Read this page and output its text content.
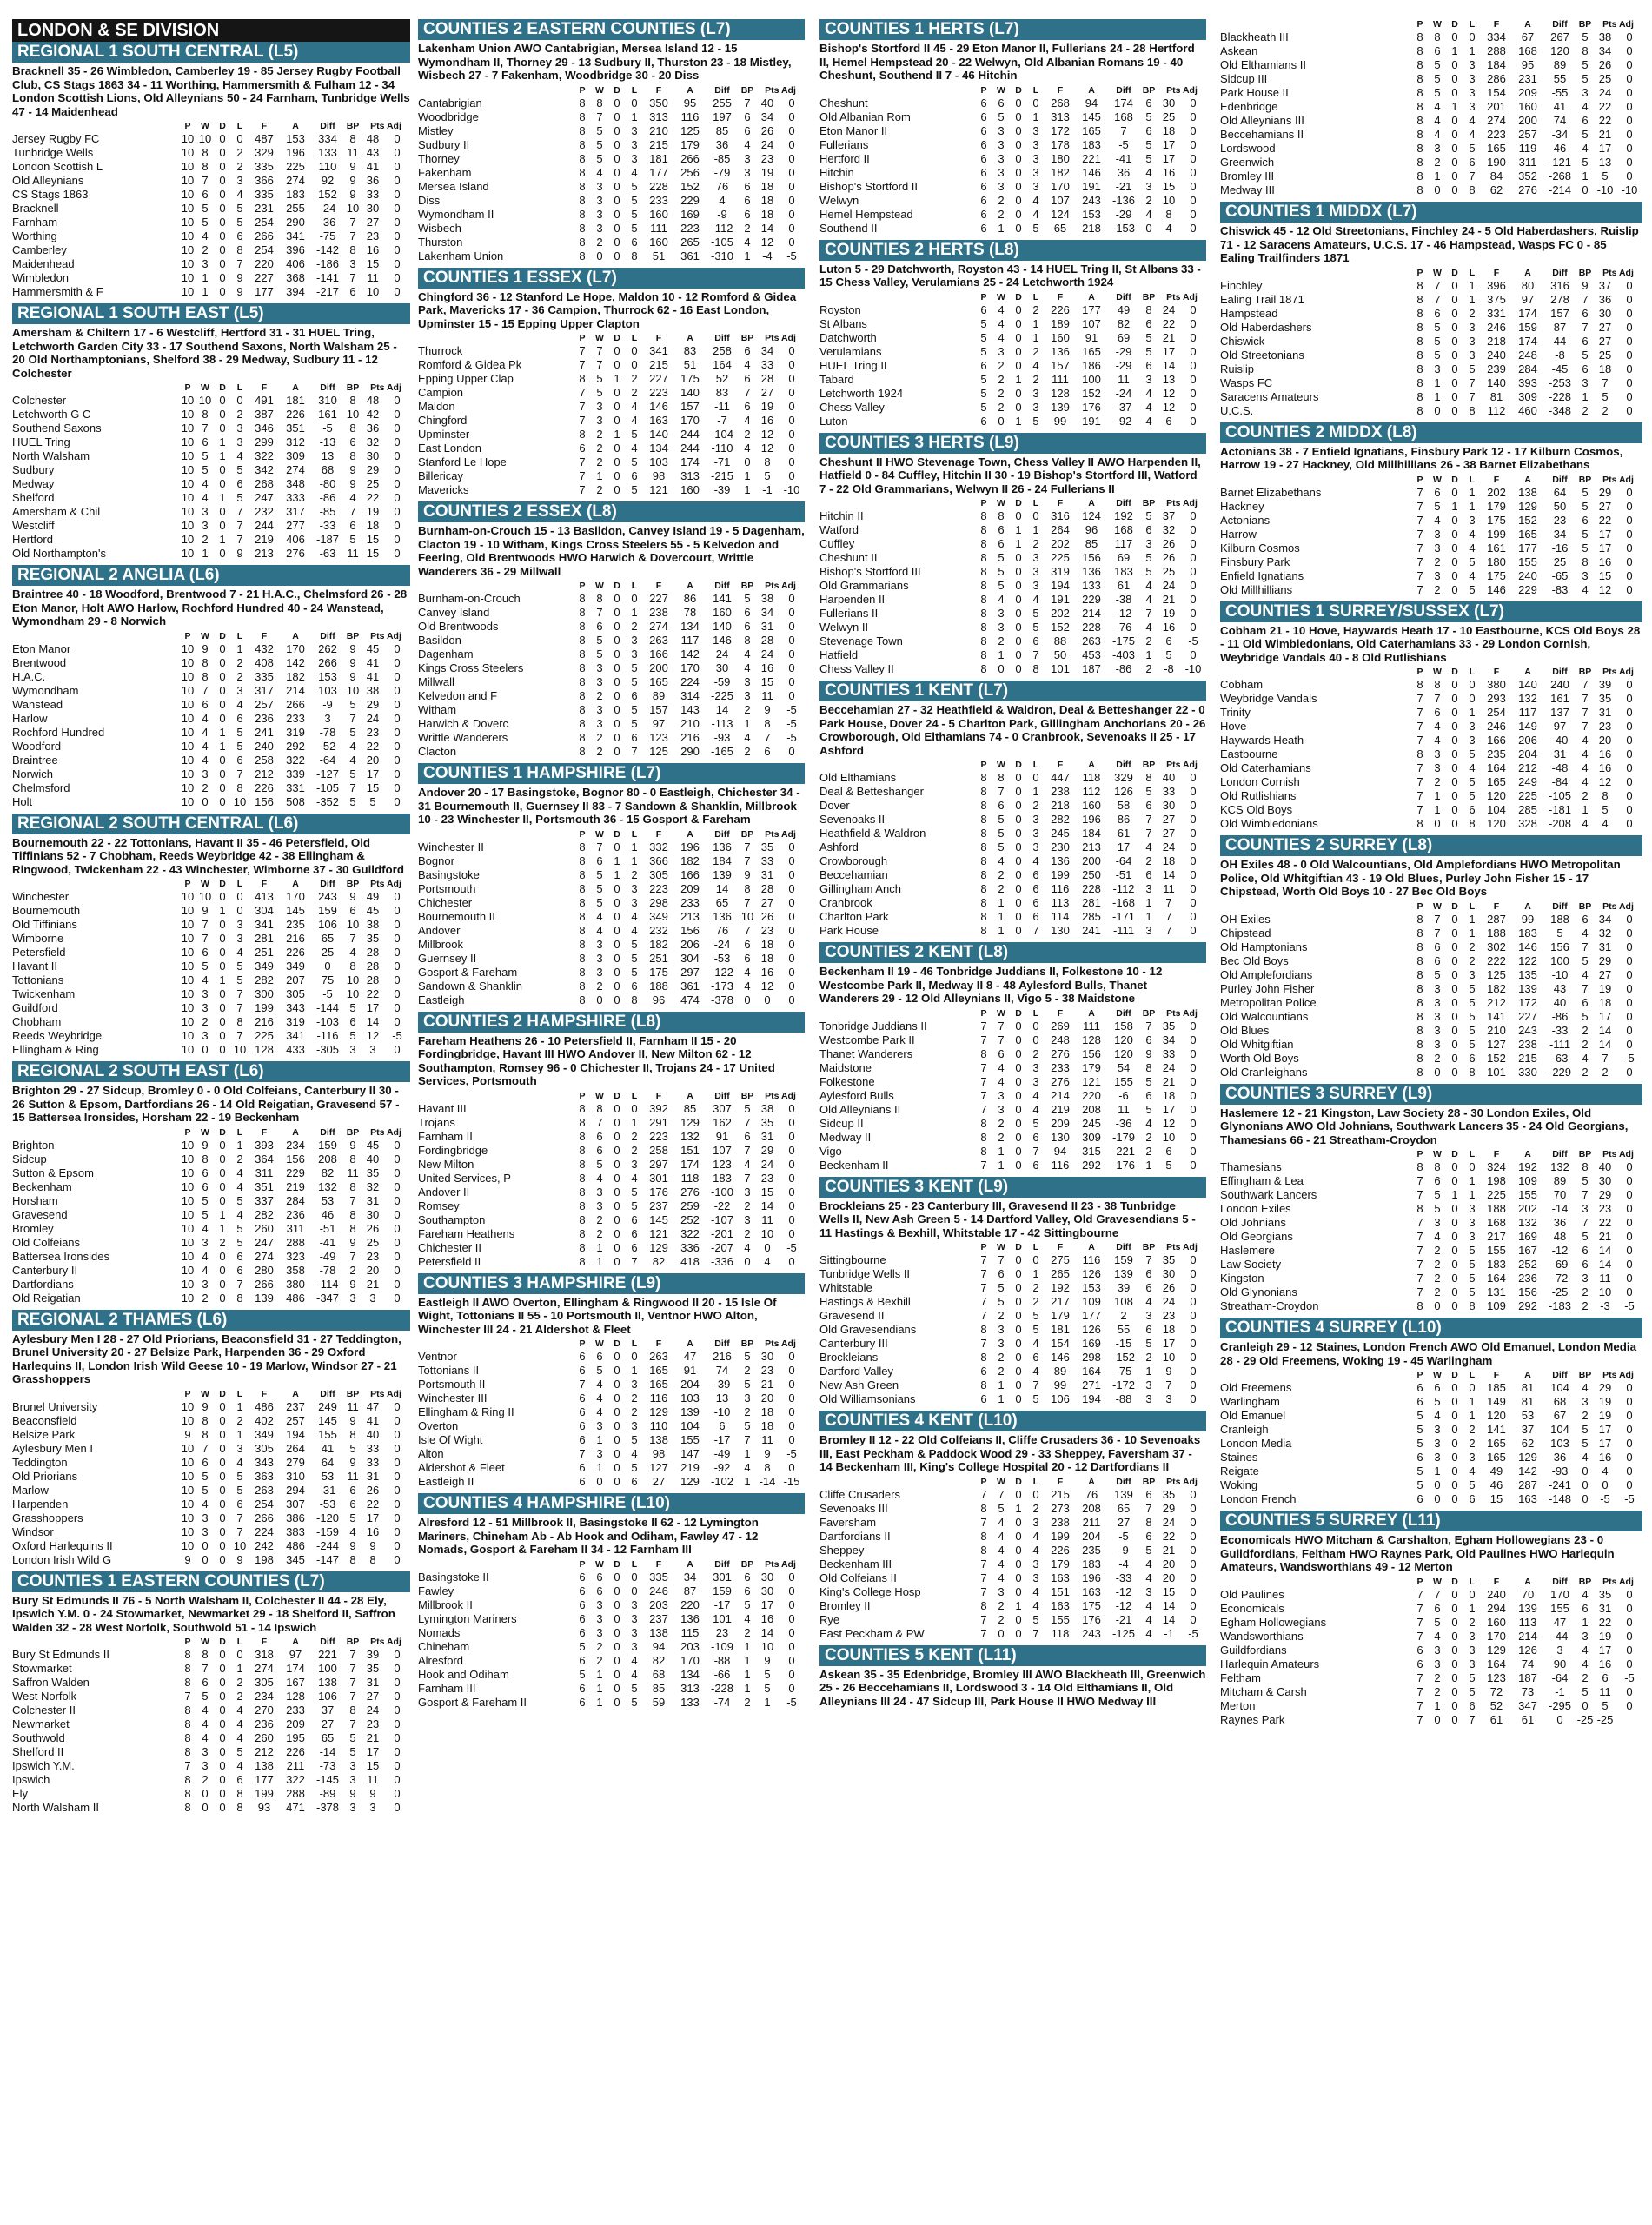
LONDON & SE DIVISION
REGIONAL 1 SOUTH CENTRAL (L5)
Bracknell 35 - 26 Wimbledon, Camberley 19 - 85 Jersey Rugby Football Club, CS Stags 1863 34 - 11 Worthing, Hammersmith & Fulham 12 - 34 London Scottish Lions, Old Alleynians 50 - 24 Farnham, Tunbridge Wells 47 - 14 Maidenhead
	P	W	D	L	F	A	Diff	BP	Pts Adj	
Jersey Rugby FC	10	10	0	0	487	153	334	8	48	0
Tunbridge Wells	10	8	0	2	329	196	133	11	43	0
London Scottish L	10	8	0	2	335	225	110	9	41	0
Old Alleynians	10	7	0	3	366	274	92	9	36	0
CS Stags 1863	10	6	0	4	335	183	152	9	33	0
Bracknell	10	5	0	5	231	255	-24	10	30	0
Farnham	10	5	0	5	254	290	-36	7	27	0
Worthing	10	4	0	6	266	341	-75	7	23	0
Camberley	10	2	0	8	254	396	-142	8	16	0
Maidenhead	10	3	0	7	220	406	-186	3	15	0
Wimbledon	10	1	0	9	227	368	-141	7	11	0
Hammersmith & F	10	1	0	9	177	394	-217	6	10	0
REGIONAL 1 SOUTH EAST (L5)
Amersham & Chiltern 17 - 6 Westcliff, Hertford 31 - 31 HUEL Tring, Letchworth Garden City 33 - 17 Southend Saxons, North Walsham 25 - 20 Old Northamptonians, Shelford 38 - 29 Medway, Sudbury 11 - 12 Colchester
	P	W	D	L	F	A	Diff	BP	Pts Adj	
Colchester	10	10	0	0	491	181	310	8	48	0
Letchworth G C	10	8	0	2	387	226	161	10	42	0
Southend Saxons	10	7	0	3	346	351	-5	8	36	0
HUEL Tring	10	6	1	3	299	312	-13	6	32	0
North Walsham	10	5	1	4	322	309	13	8	30	0
Sudbury	10	5	0	5	342	274	68	9	29	0
Medway	10	4	0	6	268	348	-80	9	25	0
Shelford	10	4	1	5	247	333	-86	4	22	0
Amersham & Chil	10	3	0	7	232	317	-85	7	19	0
Westcliff	10	3	0	7	244	277	-33	6	18	0
Hertford	10	2	1	7	219	406	-187	5	15	0
Old Northampton's	10	1	0	9	213	276	-63	11	15	0
REGIONAL 2 ANGLIA (L6)
Braintree 40 - 18 Woodford, Brentwood 7 - 21 H.A.C., Chelmsford 26 - 28 Eton Manor, Holt AWO Harlow, Rochford Hundred 40 - 24 Wanstead, Wymondham 29 - 8 Norwich
	P	W	D	L	F	A	Diff	BP	Pts Adj	
Eton Manor	10	9	0	1	432	170	262	9	45	0
Brentwood	10	8	0	2	408	142	266	9	41	0
H.A.C.	10	8	0	2	335	182	153	9	41	0
Wymondham	10	7	0	3	317	214	103	10	38	0
Wanstead	10	6	0	4	257	266	-9	5	29	0
Harlow	10	4	0	6	236	233	3	7	24	0
Rochford Hundred	10	4	1	5	241	319	-78	5	23	0
Woodford	10	4	1	5	240	292	-52	4	22	0
Braintree	10	4	0	6	258	322	-64	4	20	0
Norwich	10	3	0	7	212	339	-127	5	17	0
Chelmsford	10	2	0	8	226	331	-105	7	15	0
Holt	10	0	0	10	156	508	-352	5	5	0
REGIONAL 2 SOUTH CENTRAL (L6)
Bournemouth 22 - 22 Tottonians, Havant II 35 - 46 Petersfield, Old Tiffinians 52 - 7 Chobham, Reeds Weybridge 42 - 38 Ellingham & Ringwood, Twickenham 22 - 43 Winchester, Wimborne 37 - 30 Guildford
	P	W	D	L	F	A	Diff	BP	Pts Adj	
Winchester	10	10	0	0	413	170	243	9	49	0
Bournemouth	10	9	1	0	304	145	159	6	45	0
Old Tiffinians	10	7	0	3	341	235	106	10	38	0
Wimborne	10	7	0	3	281	216	65	7	35	0
Petersfield	10	6	0	4	251	226	25	4	28	0
Havant II	10	5	0	5	349	349	0	8	28	0
Tottonians	10	4	1	5	282	207	75	10	28	0
Twickenham	10	3	0	7	300	305	-5	10	22	0
Guildford	10	3	0	7	199	343	-144	5	17	0
Chobham	10	2	0	8	216	319	-103	6	14	0
Reeds Weybridge	10	3	0	7	225	341	-116	5	12	-5
Ellingham & Ring	10	0	0	10	128	433	-305	3	3	0
REGIONAL 2 SOUTH EAST (L6)
Brighton 29 - 27 Sidcup, Bromley 0 - 0 Old Colfeians, Canterbury II 30 - 26 Sutton & Epsom, Dartfordians 26 - 14 Old Reigatian, Gravesend 57 - 15 Battersea Ironsides, Horsham 22 - 19 Beckenham
	P	W	D	L	F	A	Diff	BP	Pts Adj	
Brighton	10	9	0	1	393	234	159	9	45	0
Sidcup	10	8	0	2	364	156	208	8	40	0
Sutton & Epsom	10	6	0	4	311	229	82	11	35	0
Beckenham	10	6	0	4	351	219	132	8	32	0
Horsham	10	5	0	5	337	284	53	7	31	0
Gravesend	10	5	1	4	282	236	46	8	30	0
Bromley	10	4	1	5	260	311	-51	8	26	0
Old Colfeians	10	3	2	5	247	288	-41	9	25	0
Battersea Ironsides	10	4	0	6	274	323	-49	7	23	0
Canterbury II	10	4	0	6	280	358	-78	2	20	0
Dartfordians	10	3	0	7	266	380	-114	9	21	0
Old Reigatian	10	2	0	8	139	486	-347	3	3	0
REGIONAL 2 THAMES (L6)
Aylesbury Men I 28 - 27 Old Priorians, Beaconsfield 31 - 27 Teddington, Brunel University 20 - 27 Belsize Park, Harpenden 36 - 29 Oxford Harlequins II, London Irish Wild Geese 10 - 19 Marlow, Windsor 27 - 21 Grasshoppers
	P	W	D	L	F	A	Diff	BP	Pts Adj	
Brunel University	10	9	0	1	486	237	249	11	47	0
Beaconsfield	10	8	0	2	402	257	145	9	41	0
Belsize Park	9	8	0	1	349	194	155	8	40	0
Aylesbury Men I	10	7	0	3	305	264	41	5	33	0
Teddington	10	6	0	4	343	279	64	9	33	0
Old Priorians	10	5	0	5	363	310	53	11	31	0
Marlow	10	5	0	5	263	294	-31	6	26	0
Harpenden	10	4	0	6	254	307	-53	6	22	0
Grasshoppers	10	3	0	7	266	386	-120	5	17	0
Windsor	10	3	0	7	224	383	-159	4	16	0
Oxford Harlequins II	10	0	0	10	242	486	-244	9	9	0
London Irish Wild G	9	0	0	9	198	345	-147	8	8	0
COUNTIES 1 EASTERN COUNTIES (L7)
Bury St Edmunds II 76 - 5 North Walsham II, Colchester II 44 - 28 Ely, Ipswich Y.M. 0 - 24 Stowmarket, Newmarket 29 - 18 Shelford II, Saffron Walden 32 - 28 West Norfolk, Southwold 51 - 14 Ipswich
	P	W	D	L	F	A	Diff	BP	Pts Adj	
Bury St Edmunds II	8	8	0	0	318	97	221	7	39	0
Stowmarket	8	7	0	1	274	174	100	7	35	0
Saffron Walden	8	6	0	2	305	167	138	7	31	0
West Norfolk	7	5	0	2	234	128	106	7	27	0
Colchester II	8	4	0	4	270	233	37	8	24	0
Newmarket	8	4	0	4	236	209	27	7	23	0
Southwold	8	4	0	4	260	195	65	5	21	0
Shelford II	8	3	0	5	212	226	-14	5	17	0
Ipswich Y.M.	7	3	0	4	138	211	-73	3	15	0
Ipswich	8	2	0	6	177	322	-145	3	11	0
Ely	8	0	0	8	199	288	-89	9	9	0
North Walsham II	8	0	0	8	93	471	-378	3	3	0
COUNTIES 2 EASTERN COUNTIES (L7)
Lakenham Union AWO Cantabrigian, Mersea Island 12 - 15 Wymondham II, Thorney 29 - 13 Sudbury II, Thurston 23 - 18 Mistley, Wisbech 27 - 7 Fakenham, Woodbridge 30 - 20 Diss
	P	W	D	L	F	A	Diff	BP	Pts Adj	
Cantabrigian	8	8	0	0	350	95	255	7	40	0
Woodbridge	8	7	0	1	313	116	197	6	34	0
Mistley	8	5	0	3	210	125	85	6	26	0
Sudbury II	8	5	0	3	215	179	36	4	24	0
Thorney	8	5	0	3	181	266	-85	3	23	0
Fakenham	8	4	0	4	177	256	-79	3	19	0
Mersea Island	8	3	0	5	228	152	76	6	18	0
Diss	8	3	0	5	233	229	4	6	18	0
Wymondham II	8	3	0	5	160	169	-9	6	18	0
Wisbech	8	3	0	5	111	223	-112	2	14	0
Thurston	8	2	0	6	160	265	-105	4	12	0
Lakenham Union	8	0	0	8	51	361	-310	1	-4	-5
COUNTIES 1 ESSEX (L7)
Chingford 36 - 12 Stanford Le Hope, Maldon 10 - 12 Romford & Gidea Park, Mavericks 17 - 36 Campion, Thurrock 62 - 16 East London, Upminster 15 - 15 Epping Upper Clapton
	P	W	D	L	F	A	Diff	BP	Pts Adj	
Thurrock	7	7	0	0	341	83	258	6	34	0
Romford & Gidea Pk	7	7	0	0	215	51	164	4	33	0
Epping Upper Clap	8	5	1	2	227	175	52	6	28	0
Campion	7	5	0	2	223	140	83	7	27	0
Maldon	7	3	0	4	146	157	-11	6	19	0
Chingford	7	3	0	4	163	170	-7	4	16	0
Upminster	8	2	1	5	140	244	-104	2	12	0
East London	6	2	0	4	134	244	-110	4	12	0
Stanford Le Hope	7	2	0	5	103	174	-71	0	8	0
Billericay	7	1	0	6	98	313	-215	1	5	0
Mavericks	7	2	0	5	121	160	-39	1	-1	-10
COUNTIES 2 ESSEX (L8)
Burnham-on-Crouch 15 - 13 Basildon, Canvey Island 19 - 5 Dagenham, Clacton 19 - 10 Witham, Kings Cross Steelers 55 - 5 Kelvedon and Feering, Old Brentwoods HWO Harwich & Dovercourt, Writtle Wanderers 36 - 29 Millwall
	P	W	D	L	F	A	Diff	BP	Pts Adj	
Burnham-on-Crouch	8	8	0	0	227	86	141	5	38	0
Canvey Island	8	7	0	1	238	78	160	6	34	0
Old Brentwoods	8	6	0	2	274	134	140	6	31	0
Basildon	8	5	0	3	263	117	146	8	28	0
Dagenham	8	5	0	3	166	142	24	4	24	0
Kings Cross Steelers	8	3	0	5	200	170	30	4	16	0
Millwall	8	3	0	5	165	224	-59	3	15	0
Kelvedon and F	8	2	0	6	89	314	-225	3	11	0
Witham	8	3	0	5	157	143	14	2	9	-5
Harwich & Doverc	8	3	0	5	97	210	-113	1	8	-5
Writtle Wanderers	8	2	0	6	123	216	-93	4	7	-5
Clacton	8	2	0	7	125	290	-165	2	6	0
COUNTIES 1 HAMPSHIRE (L7)
Andover 20 - 17 Basingstoke, Bognor 80 - 0 Eastleigh, Chichester 34 - 31 Bournemouth II, Guernsey II 83 - 7 Sandown & Shanklin, Millbrook 10 - 23 Winchester II, Portsmouth 36 - 15 Gosport & Fareham
	P	W	D	L	F	A	Diff	BP	Pts Adj	
Winchester II	8	7	0	1	332	196	136	7	35	0
Bognor	8	6	1	1	366	182	184	7	33	0
Basingstoke	8	5	1	2	305	166	139	9	31	0
Portsmouth	8	5	0	3	223	209	14	8	28	0
Chichester	8	5	0	3	298	233	65	7	27	0
Bournemouth II	8	4	0	4	349	213	136	10	26	0
Andover	8	4	0	4	232	156	76	7	23	0
Millbrook	8	3	0	5	182	206	-24	6	18	0
Guernsey II	8	3	0	5	251	304	-53	6	18	0
Gosport & Fareham	8	3	0	5	175	297	-122	4	16	0
Sandown & Shanklin	8	2	0	6	188	361	-173	4	12	0
Eastleigh	8	0	0	8	96	474	-378	0	0	0
COUNTIES 2 HAMPSHIRE (L8)
Fareham Heathens 26 - 10 Petersfield II, Farnham II 15 - 20 Fordingbridge, Havant III HWO Andover II, New Milton 62 - 12 Southampton, Romsey 96 - 0 Chichester II, Trojans 24 - 17 United Services, Portsmouth
	P	W	D	L	F	A	Diff	BP	Pts Adj	
Havant III	8	8	0	0	392	85	307	5	38	0
Trojans	8	7	0	1	291	129	162	7	35	0
Farnham II	8	6	0	2	223	132	91	6	31	0
Fordingbridge	8	6	0	2	258	151	107	7	29	0
New Milton	8	5	0	3	297	174	123	4	24	0
United Services, P	8	4	0	4	301	118	183	7	23	0
Andover II	8	3	0	5	176	276	-100	3	15	0
Romsey	8	3	0	5	237	259	-22	2	14	0
Southampton	8	2	0	6	145	252	-107	3	11	0
Fareham Heathens	8	2	0	6	121	322	-201	2	10	0
Chichester II	8	1	0	6	129	336	-207	4	0	-5
Petersfield II	8	1	0	7	82	418	-336	0	4	0
COUNTIES 3 HAMPSHIRE (L9)
Eastleigh II AWO Overton, Ellingham & Ringwood II 20 - 15 Isle Of Wight, Tottonians II 55 - 10 Portsmouth II, Ventnor HWO Alton, Winchester III 24 - 21 Aldershot & Fleet
	P	W	D	L	F	A	Diff	BP	Pts Adj	
Ventnor	6	6	0	0	263	47	216	5	30	0
Tottonians II	6	5	0	1	165	91	74	2	23	0
Portsmouth II	7	4	0	3	165	204	-39	5	21	0
Winchester III	6	4	0	2	116	103	13	3	20	0
Ellingham & Ring II	6	4	0	2	129	139	-10	2	18	0
Overton	6	3	0	3	110	104	6	5	18	0
Isle Of Wight	6	1	0	5	138	155	-17	7	11	0
Alton	7	3	0	4	98	147	-49	1	9	-5
Aldershot & Fleet	6	1	0	5	127	219	-92	4	8	0
Eastleigh II	6	0	0	6	27	129	-102	1	-14	-15
COUNTIES 4 HAMPSHIRE (L10)
Alresford 12 - 51 Millbrook II, Basingstoke II 62 - 12 Lymington Mariners, Chineham Ab - Ab Hook and Odiham, Fawley 47 - 12 Nomads, Gosport & Fareham II 34 - 12 Farnham III
	P	W	D	L	F	A	Diff	BP	Pts Adj	
Basingstoke II	6	6	0	0	335	34	301	6	30	0
Fawley	6	6	0	0	246	87	159	6	30	0
Millbrook II	6	3	0	3	203	220	-17	5	17	0
Lymington Mariners	6	3	0	3	237	136	101	4	16	0
Nomads	6	3	0	3	138	115	23	2	14	0
Chineham	5	2	0	3	94	203	-109	1	10	0
Alresford	6	2	0	4	82	170	-88	1	9	0
Hook and Odiham	5	1	0	4	68	134	-66	1	5	0
Farnham III	6	1	0	5	85	313	-228	1	5	0
Gosport & Fareham II	6	1	0	5	59	133	-74	2	1	-5
COUNTIES 1 HERTS (L7)
Bishop's Stortford II 45 - 29 Eton Manor II, Fullerians 24 - 28 Hertford II, Hemel Hempstead 20 - 22 Welwyn, Old Albanian Romans 19 - 40 Cheshunt, Southend II 7 - 46 Hitchin
	P	W	D	L	F	A	Diff	BP	Pts Adj	
Cheshunt	6	6	0	0	268	94	174	6	30	0
Old Albanian Rom	6	5	0	1	313	145	168	5	25	0
Eton Manor II	6	3	0	3	172	165	7	6	18	0
Fullerians	6	3	0	3	178	183	-5	5	17	0
Hertford II	6	3	0	3	180	221	-41	5	17	0
Hitchin	6	3	0	3	182	146	36	4	16	0
Bishop's Stortford II	6	3	0	3	170	191	-21	3	15	0
Welwyn	6	2	0	4	107	243	-136	2	10	0
Hemel Hempstead	6	2	0	4	124	153	-29	4	8	0
Southend II	6	1	0	5	65	218	-153	0	4	0
COUNTIES 2 HERTS (L8)
Luton 5 - 29 Datchworth, Royston 43 - 14 HUEL Tring II, St Albans 33 - 15 Chess Valley, Verulamians 25 - 24 Letchworth 1924
	P	W	D	L	F	A	Diff	BP	Pts Adj	
Royston	6	4	0	2	226	177	49	8	24	0
St Albans	5	4	0	1	189	107	82	6	22	0
Datchworth	5	4	0	1	160	91	69	5	21	0
Verulamians	5	3	0	2	136	165	-29	5	17	0
HUEL Tring II	6	2	0	4	157	186	-29	6	14	0
Tabard	5	2	1	2	111	100	11	3	13	0
Letchworth 1924	5	2	0	3	128	152	-24	4	12	0
Chess Valley	5	2	0	3	139	176	-37	4	12	0
Luton	6	0	1	5	99	191	-92	4	6	0
COUNTIES 3 HERTS (L9)
Cheshunt II HWO Stevenage Town, Chess Valley II AWO Harpenden II, Hatfield 0 - 84 Cuffley, Hitchin II 30 - 19 Bishop's Stortford III, Watford 7 - 22 Old Grammarians, Welwyn II 26 - 24 Fullerians II
	P	W	D	L	F	A	Diff	BP	Pts Adj	
Hitchin II	8	8	0	0	316	124	192	5	37	0
Watford	8	6	1	1	264	96	168	6	32	0
Cuffley	8	6	1	2	202	85	117	3	26	0
Cheshunt II	8	5	0	3	225	156	69	5	26	0
Bishop's Stortford III	8	5	0	3	319	136	183	5	25	0
Old Grammarians	8	5	0	3	194	133	61	4	24	0
Harpenden II	8	4	0	4	191	229	-38	4	21	0
Fullerians II	8	3	0	5	202	214	-12	7	19	0
Welwyn II	8	3	0	5	152	228	-76	4	16	0
Stevenage Town	8	2	0	6	88	263	-175	2	6	-5
Hatfield	8	1	0	7	50	453	-403	1	5	0
Chess Valley II	8	0	0	8	101	187	-86	2	-8	-10
COUNTIES 1 KENT (L7)
Beccehamian 27 - 32 Heathfield & Waldron, Deal & Betteshanger 22 - 0 Park House, Dover 24 - 5 Charlton Park, Gillingham Anchorians 20 - 26 Crowborough, Old Elthamians 74 - 0 Cranbrook, Sevenoaks II 25 - 17 Ashford
	P	W	D	L	F	A	Diff	BP	Pts Adj	
Old Elthamians	8	8	0	0	447	118	329	8	40	0
Deal & Betteshanger	8	7	0	1	238	112	126	5	33	0
Dover	8	6	0	2	218	160	58	6	30	0
Sevenoaks II	8	5	0	3	282	196	86	7	27	0
Heathfield & Waldron	8	5	0	3	245	184	61	7	27	0
Ashford	8	5	0	3	230	213	17	4	24	0
Crowborough	8	4	0	4	136	200	-64	2	18	0
Beccehamian	8	2	0	6	199	250	-51	6	14	0
Gillingham Anch	8	2	0	6	116	228	-112	3	11	0
Cranbrook	8	1	0	6	113	281	-168	1	7	0
Charlton Park	8	1	0	6	114	285	-171	1	7	0
Park House	8	1	0	7	130	241	-111	3	7	0
COUNTIES 2 KENT (L8)
Beckenham II 19 - 46 Tonbridge Juddians II, Folkestone 10 - 12 Westcombe Park II, Medway II 8 - 48 Aylesford Bulls, Thanet Wanderers 29 - 12 Old Alleynians II, Vigo 5 - 38 Maidstone
	P	W	D	L	F	A	Diff	BP	Pts Adj	
Tonbridge Juddians II	7	7	0	0	269	111	158	7	35	0
Westcombe Park II	7	7	0	0	248	128	120	6	34	0
Thanet Wanderers	8	6	0	2	276	156	120	9	33	0
Maidstone	7	4	0	3	233	179	54	8	24	0
Folkestone	7	4	0	3	276	121	155	5	21	0
Aylesford Bulls	7	3	0	4	214	220	-6	6	18	0
Old Alleynians II	7	3	0	4	219	208	11	5	17	0
Sidcup II	8	2	0	5	209	245	-36	4	12	0
Medway II	8	2	0	6	130	309	-179	2	10	0
Vigo	8	1	0	7	94	315	-221	2	6	0
Beckenham II	7	1	0	6	116	292	-176	1	5	0
COUNTIES 3 KENT (L9)
Brockleians 25 - 23 Canterbury III, Gravesend II 23 - 38 Tunbridge Wells II, New Ash Green 5 - 14 Dartford Valley, Old Gravesendians 5 - 11 Hastings & Bexhill, Whitstable 17 - 42 Sittingbourne
	P	W	D	L	F	A	Diff	BP	Pts Adj	
Sittingbourne	7	7	0	0	275	116	159	7	35	0
Tunbridge Wells II	7	6	0	1	265	126	139	6	30	0
Whitstable	7	5	0	2	192	153	39	6	26	0
Hastings & Bexhill	7	5	0	2	217	109	108	4	24	0
Gravesend II	7	2	0	5	179	177	2	3	23	0
Old Gravesendians	8	3	0	5	181	126	55	6	18	0
Canterbury III	7	3	0	4	154	169	-15	5	17	0
Brockleians	8	2	0	6	146	298	-152	2	10	0
Dartford Valley	6	2	0	4	89	164	-75	1	9	0
New Ash Green	8	1	0	7	99	271	-172	3	7	0
Old Williamsonians	6	1	0	5	106	194	-88	3	3	0
COUNTIES 4 KENT (L10)
Bromley II 12 - 22 Old Colfeians II, Cliffe Crusaders 36 - 10 Sevenoaks III, East Peckham & Paddock Wood 29 - 33 Sheppey, Faversham 37 - 14 Beckenham III, King's College Hospital 20 - 12 Dartfordians II
	P	W	D	L	F	A	Diff	BP	Pts Adj	
Cliffe Crusaders	7	7	0	0	215	76	139	6	35	0
Sevenoaks III	8	5	1	2	273	208	65	7	29	0
Faversham	7	4	0	3	238	211	27	8	24	0
Dartfordians II	8	4	0	4	199	204	-5	6	22	0
Sheppey	8	4	0	4	226	235	-9	5	21	0
Beckenham III	7	4	0	3	179	183	-4	4	20	0
Old Colfeians II	7	4	0	3	163	196	-33	4	20	0
King's College Hosp	7	3	0	4	151	163	-12	3	15	0
Bromley II	8	2	1	4	163	175	-12	4	14	0
Rye	7	2	0	5	155	176	-21	4	14	0
East Peckham & PW	7	0	0	7	118	243	-125	4	-1	-5
COUNTIES 5 KENT (L11)
Askean 35 - 35 Edenbridge, Bromley III AWO Blackheath III, Greenwich 25 - 26 Beccehamians II, Lordswood 3 - 14 Old Elthamians II, Old Alleynians III 24 - 47 Sidcup III, Park House II HWO Medway III
	P	W	D	L	F	A	Diff	BP	Pts Adj	
Blackheath III	8	8	0	0	334	67	267	5	38	0
Askean	8	6	1	1	288	168	120	8	34	0
Old Elthamians II	8	5	0	3	184	95	89	5	26	0
Sidcup III	8	5	0	3	286	231	55	5	25	0
Park House II	8	5	0	3	154	209	-55	3	24	0
Edenbridge	8	4	1	3	201	160	41	4	22	0
Old Alleynians III	8	4	0	4	274	200	74	6	22	0
Beccehamians II	8	4	0	4	223	257	-34	5	21	0
Lordswood	8	3	0	5	165	119	46	4	17	0
Greenwich	8	2	0	6	190	311	-121	5	13	0
Bromley III	8	1	0	7	84	352	-268	1	5	0
Medway III	8	0	0	8	62	276	-214	0	-10	-10
COUNTIES 1 MIDDX (L7)
Chiswick 45 - 12 Old Streetonians, Finchley 24 - 5 Old Haberdashers, Ruislip 71 - 12 Saracens Amateurs, U.C.S. 17 - 46 Hampstead, Wasps FC 0 - 85 Ealing Trailfinders 1871
	P	W	D	L	F	A	Diff	BP	Pts Adj	
Finchley	8	7	0	1	396	80	316	9	37	0
Ealing Trail 1871	8	7	0	1	375	97	278	7	36	0
Hampstead	8	6	0	2	331	174	157	6	30	0
Old Haberdashers	8	5	0	3	246	159	87	7	27	0
Chiswick	8	5	0	3	218	174	44	6	27	0
Old Streetonians	8	5	0	3	240	248	-8	5	25	0
Ruislip	8	3	0	5	239	284	-45	6	18	0
Wasps FC	8	1	0	7	140	393	-253	3	7	0
Saracens Amateurs	8	1	0	7	81	309	-228	1	5	0
U.C.S.	8	0	0	8	112	460	-348	2	2	0
COUNTIES 2 MIDDX (L8)
Actonians 38 - 7 Enfield Ignatians, Finsbury Park 12 - 17 Kilburn Cosmos, Harrow 19 - 27 Hackney, Old Millhillians 26 - 38 Barnet Elizabethans
	P	W	D	L	F	A	Diff	BP	Pts Adj	
Barnet Elizabethans	7	6	0	1	202	138	64	5	29	0
Hackney	7	5	1	1	179	129	50	5	27	0
Actonians	7	4	0	3	175	152	23	6	22	0
Harrow	7	3	0	4	199	165	34	5	17	0
Kilburn Cosmos	7	3	0	4	161	177	-16	5	17	0
Finsbury Park	7	2	0	5	180	155	25	8	16	0
Enfield Ignatians	7	3	0	4	175	240	-65	3	15	0
Old Millhillians	7	2	0	5	146	229	-83	4	12	0
COUNTIES 1 SURREY/SUSSEX (L7)
Cobham 21 - 10 Hove, Haywards Heath 17 - 10 Eastbourne, KCS Old Boys 28 - 11 Old Wimbledonians, Old Caterhamians 33 - 29 London Cornish, Weybridge Vandals 40 - 8 Old Rutlishians
	P	W	D	L	F	A	Diff	BP	Pts Adj	
Cobham	8	8	0	0	380	140	240	7	39	0
Weybridge Vandals	7	7	0	0	293	132	161	7	35	0
Trinity	7	6	0	1	254	117	137	7	31	0
Hove	7	4	0	3	246	149	97	7	23	0
Haywards Heath	7	4	0	3	166	206	-40	4	20	0
Eastbourne	8	3	0	5	235	204	31	4	16	0
Old Caterhamians	7	3	0	4	164	212	-48	4	16	0
London Cornish	7	2	0	5	165	249	-84	4	12	0
Old Rutlishians	7	1	0	5	120	225	-105	2	8	0
KCS Old Boys	7	1	0	6	104	285	-181	1	5	0
Old Wimbledonians	8	0	0	8	120	328	-208	4	4	0
COUNTIES 2 SURREY (L8)
OH Exiles 48 - 0 Old Walcountians, Old Amplefordians HWO Metropolitan Police, Old Whitgiftian 43 - 19 Old Blues, Purley John Fisher 15 - 17 Chipstead, Worth Old Boys 10 - 27 Bec Old Boys
	P	W	D	L	F	A	Diff	BP	Pts Adj	
OH Exiles	8	7	0	1	287	99	188	6	34	0
Chipstead	8	7	0	1	188	183	5	4	32	0
Old Hamptonians	8	6	0	2	302	146	156	7	31	0
Bec Old Boys	8	6	0	2	222	122	100	5	29	0
Old Amplefordians	8	5	0	3	125	135	-10	4	27	0
Purley John Fisher	8	3	0	5	182	139	43	7	19	0
Metropolitan Police	8	3	0	5	212	172	40	6	18	0
Old Walcountians	8	3	0	5	141	227	-86	5	17	0
Old Blues	8	3	0	5	210	243	-33	2	14	0
Old Whitgiftian	8	3	0	5	127	238	-111	2	14	0
Worth Old Boys	8	2	0	6	152	215	-63	4	7	-5
Old Cranleighans	8	0	0	8	101	330	-229	2	2	0
COUNTIES 3 SURREY (L9)
Haslemere 12 - 21 Kingston, Law Society 28 - 30 London Exiles, Old Glynonians AWO Old Johnians, Southwark Lancers 35 - 24 Old Georgians, Thamesians 66 - 21 Streatham-Croydon
	P	W	D	L	F	A	Diff	BP	Pts Adj	
Thamesians	8	8	0	0	324	192	132	8	40	0
Effingham & Lea	7	6	0	1	198	109	89	5	30	0
Southwark Lancers	7	5	1	1	225	155	70	7	29	0
London Exiles	8	5	0	3	188	202	-14	3	23	0
Old Johnians	7	3	0	3	168	132	36	7	22	0
Old Georgians	7	4	0	3	217	169	48	5	21	0
Haslemere	7	2	0	5	155	167	-12	6	14	0
Law Society	7	2	0	5	183	252	-69	6	14	0
Kingston	7	2	0	5	164	236	-72	3	11	0
Old Glynonians	7	2	0	5	131	156	-25	2	10	0
Streatham-Croydon	8	0	0	8	109	292	-183	2	-3	-5
COUNTIES 4 SURREY (L10)
Cranleigh 29 - 12 Staines, London French AWO Old Emanuel, London Media 28 - 29 Old Freemens, Woking 19 - 45 Warlingham
	P	W	D	L	F	A	Diff	BP	Pts Adj	
Old Freemens	6	6	0	0	185	81	104	4	29	0
Warlingham	6	5	0	1	149	81	68	3	19	0
Old Emanuel	5	4	0	1	120	53	67	2	19	0
Cranleigh	5	3	0	2	141	37	104	5	17	0
London Media	5	3	0	2	165	62	103	5	17	0
Staines	6	3	0	3	165	129	36	4	16	0
Reigate	5	1	0	4	49	142	-93	0	4	0
Woking	5	0	0	5	46	287	-241	0	0	0
London French	6	0	0	6	15	163	-148	0	-5	-5
COUNTIES 5 SURREY (L11)
Economicals HWO Mitcham & Carshalton, Egham Hollowegians 23 - 0 Guildfordians, Feltham HWO Raynes Park, Old Paulines HWO Harlequin Amateurs, Wandsworthians 49 - 12 Merton
	P	W	D	L	F	A	Diff	BP	Pts Adj	
Old Paulines	7	7	0	0	240	70	170	4	35	0
Economicals	7	6	0	1	294	139	155	6	31	0
Egham Hollowegians	7	5	0	2	160	113	47	1	22	0
Wandsworthians	7	4	0	3	170	214	-44	3	19	0
Guildfordians	6	3	0	3	129	126	3	4	17	0
Harlequin Amateurs	6	3	0	3	164	74	90	4	16	0
Feltham	7	2	0	5	123	187	-64	2	6	-5
Mitcham & Carsh	7	2	0	5	72	73	-1	5	11	0
Merton	7	1	0	6	52	347	-295	0	5	0
Raynes Park	7	0	0	7	61	61	0	-25	-25	
